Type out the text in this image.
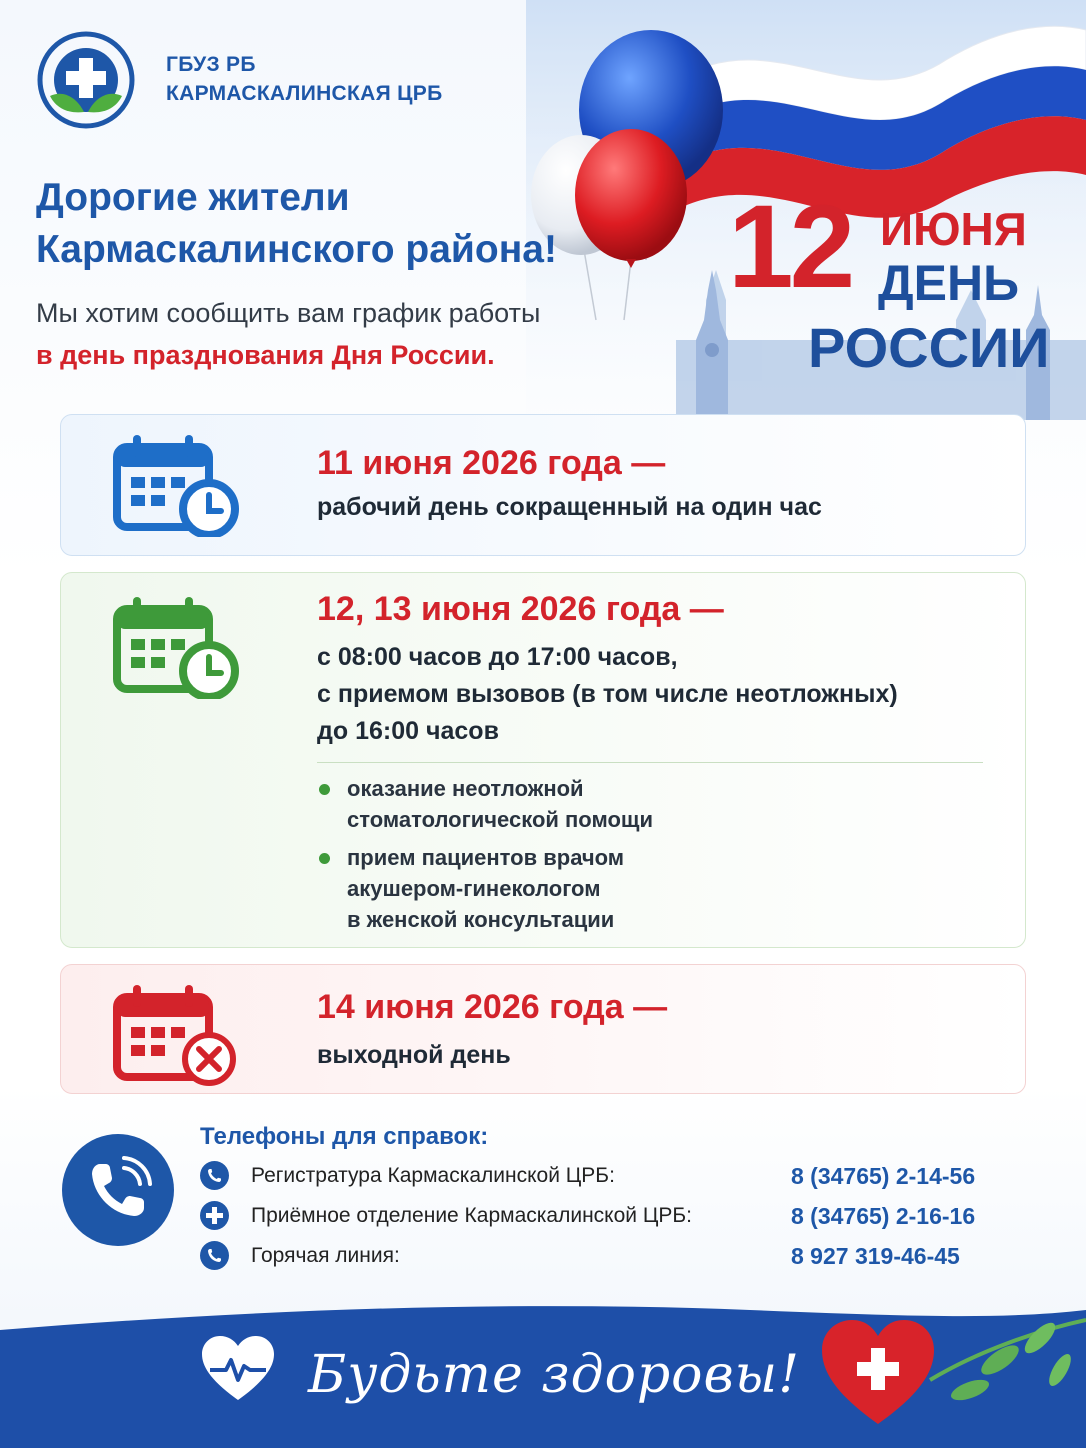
ГБУЗ РБ
КАРМАСКАЛИНСКАЯ ЦРБ
Дорогие жители
Кармаскалинского района!
Мы хотим сообщить вам график работы
в день празднования Дня России.
12 ИЮНЯ
ДЕНЬ
РОССИИ
11 июня 2026 года —
рабочий день сокращенный на один час
12, 13 июня 2026 года —
с 08:00 часов до 17:00 часов,
с приемом вызовов (в том числе неотложных)
до 16:00 часов
оказание неотложной
стоматологической помощи
прием пациентов врачом
акушером-гинекологом
в женской консультации
14 июня 2026 года —
выходной день
Телефоны для справок:
Регистратура Кармаскалинской ЦРБ:	8 (34765) 2-14-56
Приёмное отделение Кармаскалинской ЦРБ:	8 (34765) 2-16-16
Горячая линия:	8 927 319-46-45
Будьте здоровы!
